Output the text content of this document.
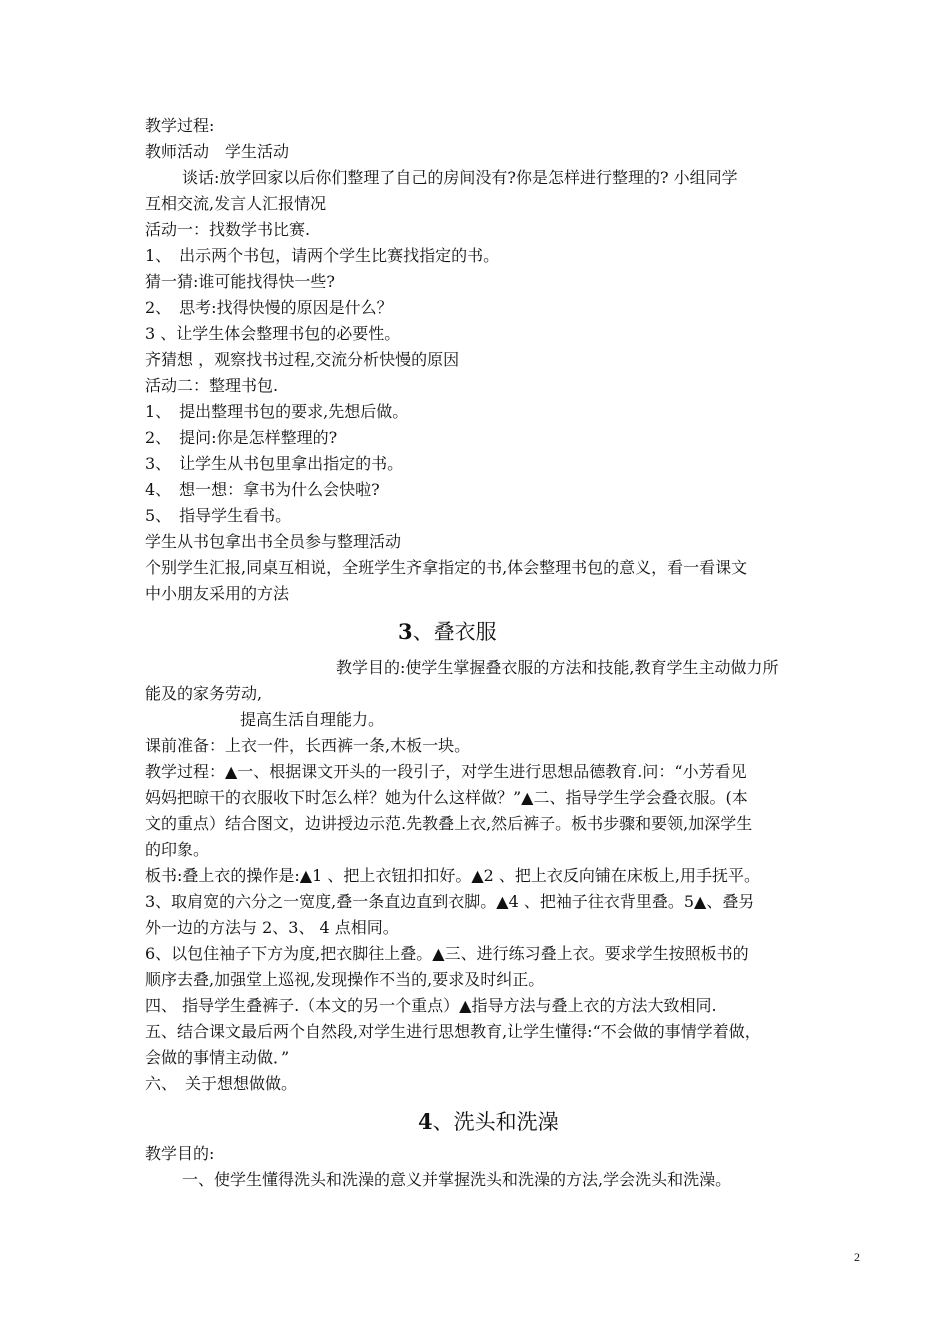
教学过程:
教师活动　学生活动
谈话:放学回家以后你们整理了自己的房间没有?你是怎样进行整理的? 小组同学
互相交流,发言人汇报情况
活动一：找数学书比赛.
1、　出示两个书包，请两个学生比赛找指定的书。
猜一猜:谁可能找得快一些?
2、　思考:找得快慢的原因是什么？
3 、让学生体会整理书包的必要性。
齐猜想 ，观察找书过程,交流分析快慢的原因
活动二：整理书包.
1、　提出整理书包的要求,先想后做。
2、　提问:你是怎样整理的?
3、　让学生从书包里拿出指定的书。
4、　想一想：拿书为什么会快啦?
5、　指导学生看书。
学生从书包拿出书全员参与整理活动
个别学生汇报,同桌互相说，全班学生齐拿指定的书,体会整理书包的意义，看一看课文
中小朋友采用的方法
3、叠衣服
教学目的:使学生掌握叠衣服的方法和技能,教育学生主动做力所
能及的家务劳动,
提高生活自理能力。
课前准备：上衣一件，长西裤一条,木板一块。
教学过程：▲一、根据课文开头的一段引子，对学生进行思想品德教育.问：“小芳看见
妈妈把晾干的衣服收下时怎么样？她为什么这样做？”▲二、指导学生学会叠衣服。(本
文的重点）结合图文，边讲授边示范.先教叠上衣,然后裤子。板书步骤和要领,加深学生
的印象。
板书:叠上衣的操作是:▲1 、把上衣钮扣扣好。▲2 、把上衣反向铺在床板上,用手抚平。
3、取肩宽的六分之一宽度,叠一条直边直到衣脚。▲4 、把袖子往衣背里叠。5▲、叠另
外一边的方法与 2、3、 4 点相同。
6、以包住袖子下方为度,把衣脚往上叠。▲三、进行练习叠上衣。要求学生按照板书的
顺序去叠,加强堂上巡视,发现操作不当的,要求及时纠正。
四、 指导学生叠裤子.（本文的另一个重点）▲指导方法与叠上衣的方法大致相同.
五、结合课文最后两个自然段,对学生进行思想教育,让学生懂得:“不会做的事情学着做，
会做的事情主动做．”
六、　关于想想做做。
4、洗头和洗澡
教学目的:
一、使学生懂得洗头和洗澡的意义并掌握洗头和洗澡的方法,学会洗头和洗澡。
2
